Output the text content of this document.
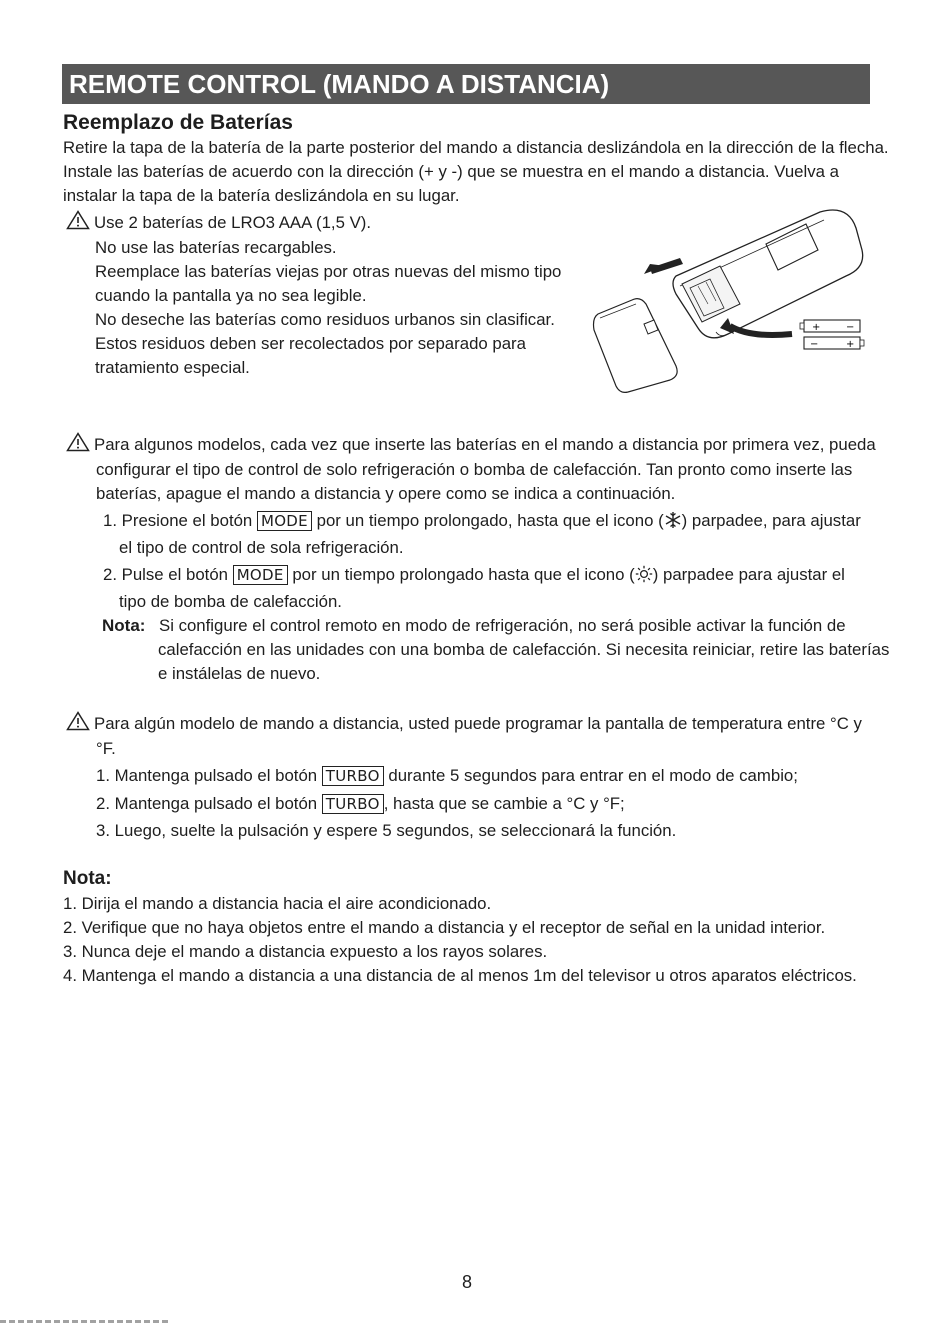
REMOTE CONTROL (MANDO A DISTANCIA)
Reemplazo de Baterías
Retire la tapa de la batería de la parte posterior del mando a distancia deslizándola en la dirección de la flecha.
Instale las baterías de acuerdo con la dirección (+ y -) que se muestra en el mando a distancia. Vuelva a
instalar la tapa de la batería deslizándola en su lugar.
Use 2 baterías de LRO3 AAA (1,5 V).
No use las baterías recargables.
Reemplace las baterías viejas por otras nuevas del mismo tipo
cuando la pantalla ya no sea legible.
No deseche las baterías como residuos urbanos sin clasificar.
Estos residuos deben ser recolectados por separado para
tratamiento especial.
+	−
−	+
Para algunos modelos, cada vez que inserte las baterías en el mando a distancia por primera vez, pueda
configurar el tipo de control de solo refrigeración o bomba de calefacción. Tan pronto como inserte las
baterías, apague el mando a distancia y opere como se indica a continuación.
1. Presione el botón MODE por un tiempo prolongado, hasta que el icono ( ) parpadee, para ajustar
el tipo de control de sola refrigeración.
2. Pulse el botón MODE por un tiempo prolongado hasta que el icono ( ) parpadee para ajustar el
tipo de bomba de calefacción.
Nota: Si configure el control remoto en modo de refrigeración, no será posible activar la función de
calefacción en las unidades con una bomba de calefacción. Si necesita reiniciar, retire las baterías
e instálelas de nuevo.
Para algún modelo de mando a distancia, usted puede programar la pantalla de temperatura entre °C y
°F.
1. Mantenga pulsado el botón TURBO durante 5 segundos para entrar en el modo de cambio;
2. Mantenga pulsado el botón TURBO , hasta que se cambie a °C y °F;
3. Luego, suelte la pulsación y espere 5 segundos, se seleccionará la función.
Nota:
1. Dirija el mando a distancia hacia el aire acondicionado.
2. Verifique que no haya objetos entre el mando a distancia y el receptor de señal en la unidad interior.
3. Nunca deje el mando a distancia expuesto a los rayos solares.
4. Mantenga el mando a distancia a una distancia de al menos 1m del televisor u otros aparatos eléctricos.
8
